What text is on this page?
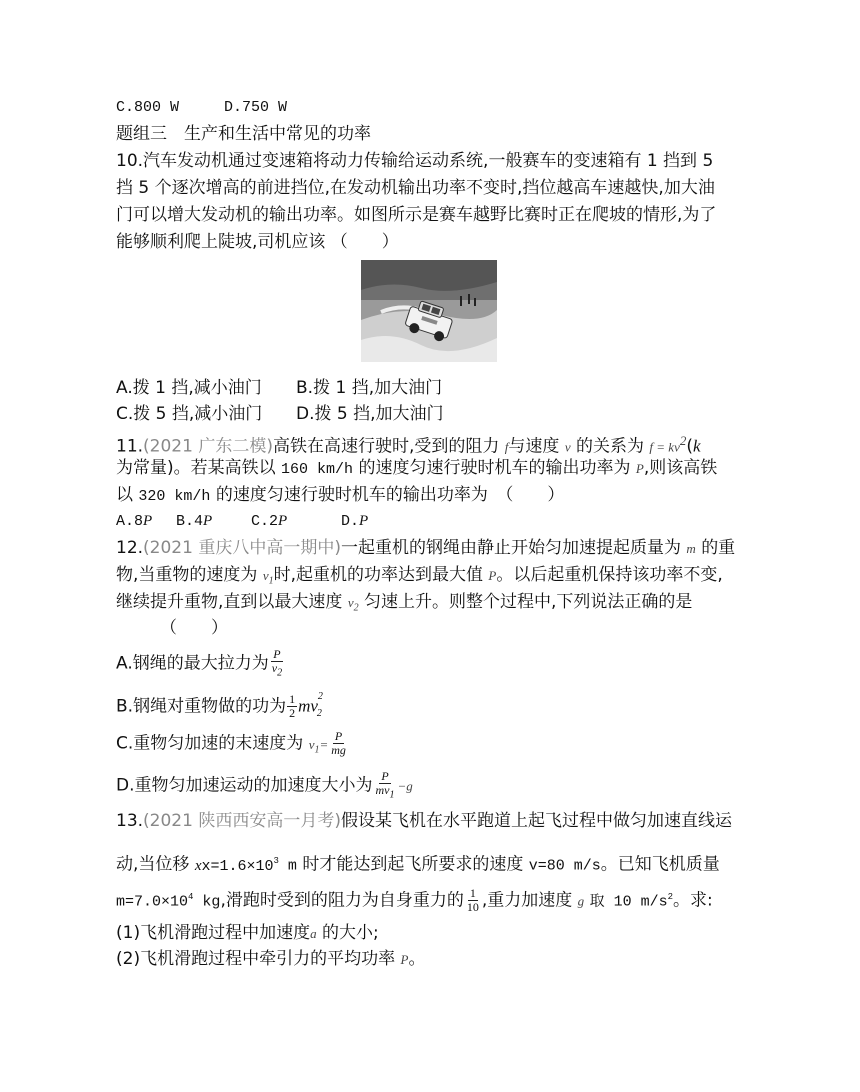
C.800 W	D.750 W
题组三　生产和生活中常见的功率
10.汽车发动机通过变速箱将动力传输给运动系统,一般赛车的变速箱有 1 挡到 5
挡 5 个逐次增高的前进挡位,在发动机输出功率不变时,挡位越高车速越快,加大油
门可以增大发动机的输出功率。如图所示是赛车越野比赛时正在爬坡的情形,为了
能够顺利爬上陡坡,司机应该 （　　）
A.拨 1 挡,减小油门 B.拨 1 挡,加大油门
C.拨 5 挡,减小油门 D.拨 5 挡,加大油门
11.(2021 广东二模)高铁在高速行驶时,受到的阻力 f与速度 v 的关系为 $f = kv^2(k$
为常量)。若某高铁以 160 km/h 的速度匀速行驶时机车的输出功率为 P,则该高铁
以 320 km/h 的速度匀速行驶时机车的输出功率为　（　　）
A.8P B.4P	C.2P	D.P
12.(2021 重庆八中高一期中)一起重机的钢绳由静止开始匀加速提起质量为 m 的重
物,当重物的速度为 $v_1$时,起重机的功率达到最大值 P。以后起重机保持该功率不变,
继续提升重物,直到以最大速度 $v_2$ 匀速上升。则整个过程中,下列说法正确的是
（　　）
A.钢绳的最大拉力为 $\frac{P}{v_2}$
B.钢绳对重物做的功为 $\frac{1}{2} mv^2_2$
C.重物匀加速的末速度为 $v_1= \frac{P}{mg}$
D.重物匀加速运动的加速度大小为 $\frac{P}{mv_1} -g$
13.(2021 陕西西安高一月考)假设某飞机在水平跑道上起飞过程中做匀加速直线运
动,当位移 $xx=1.6\times 10^3$ m 时才能达到起飞所要求的速度 v=80 m/s。已知飞机质量
$m=7.0\times 10^4$ kg,滑跑时受到的阻力为自身重力的 $\frac{1}{10}$ ,重力加速度 g 取 10 $m/s^2$。求:
(1)飞机滑跑过程中加速度a 的大小;
(2)飞机滑跑过程中牵引力的平均功率 P。
